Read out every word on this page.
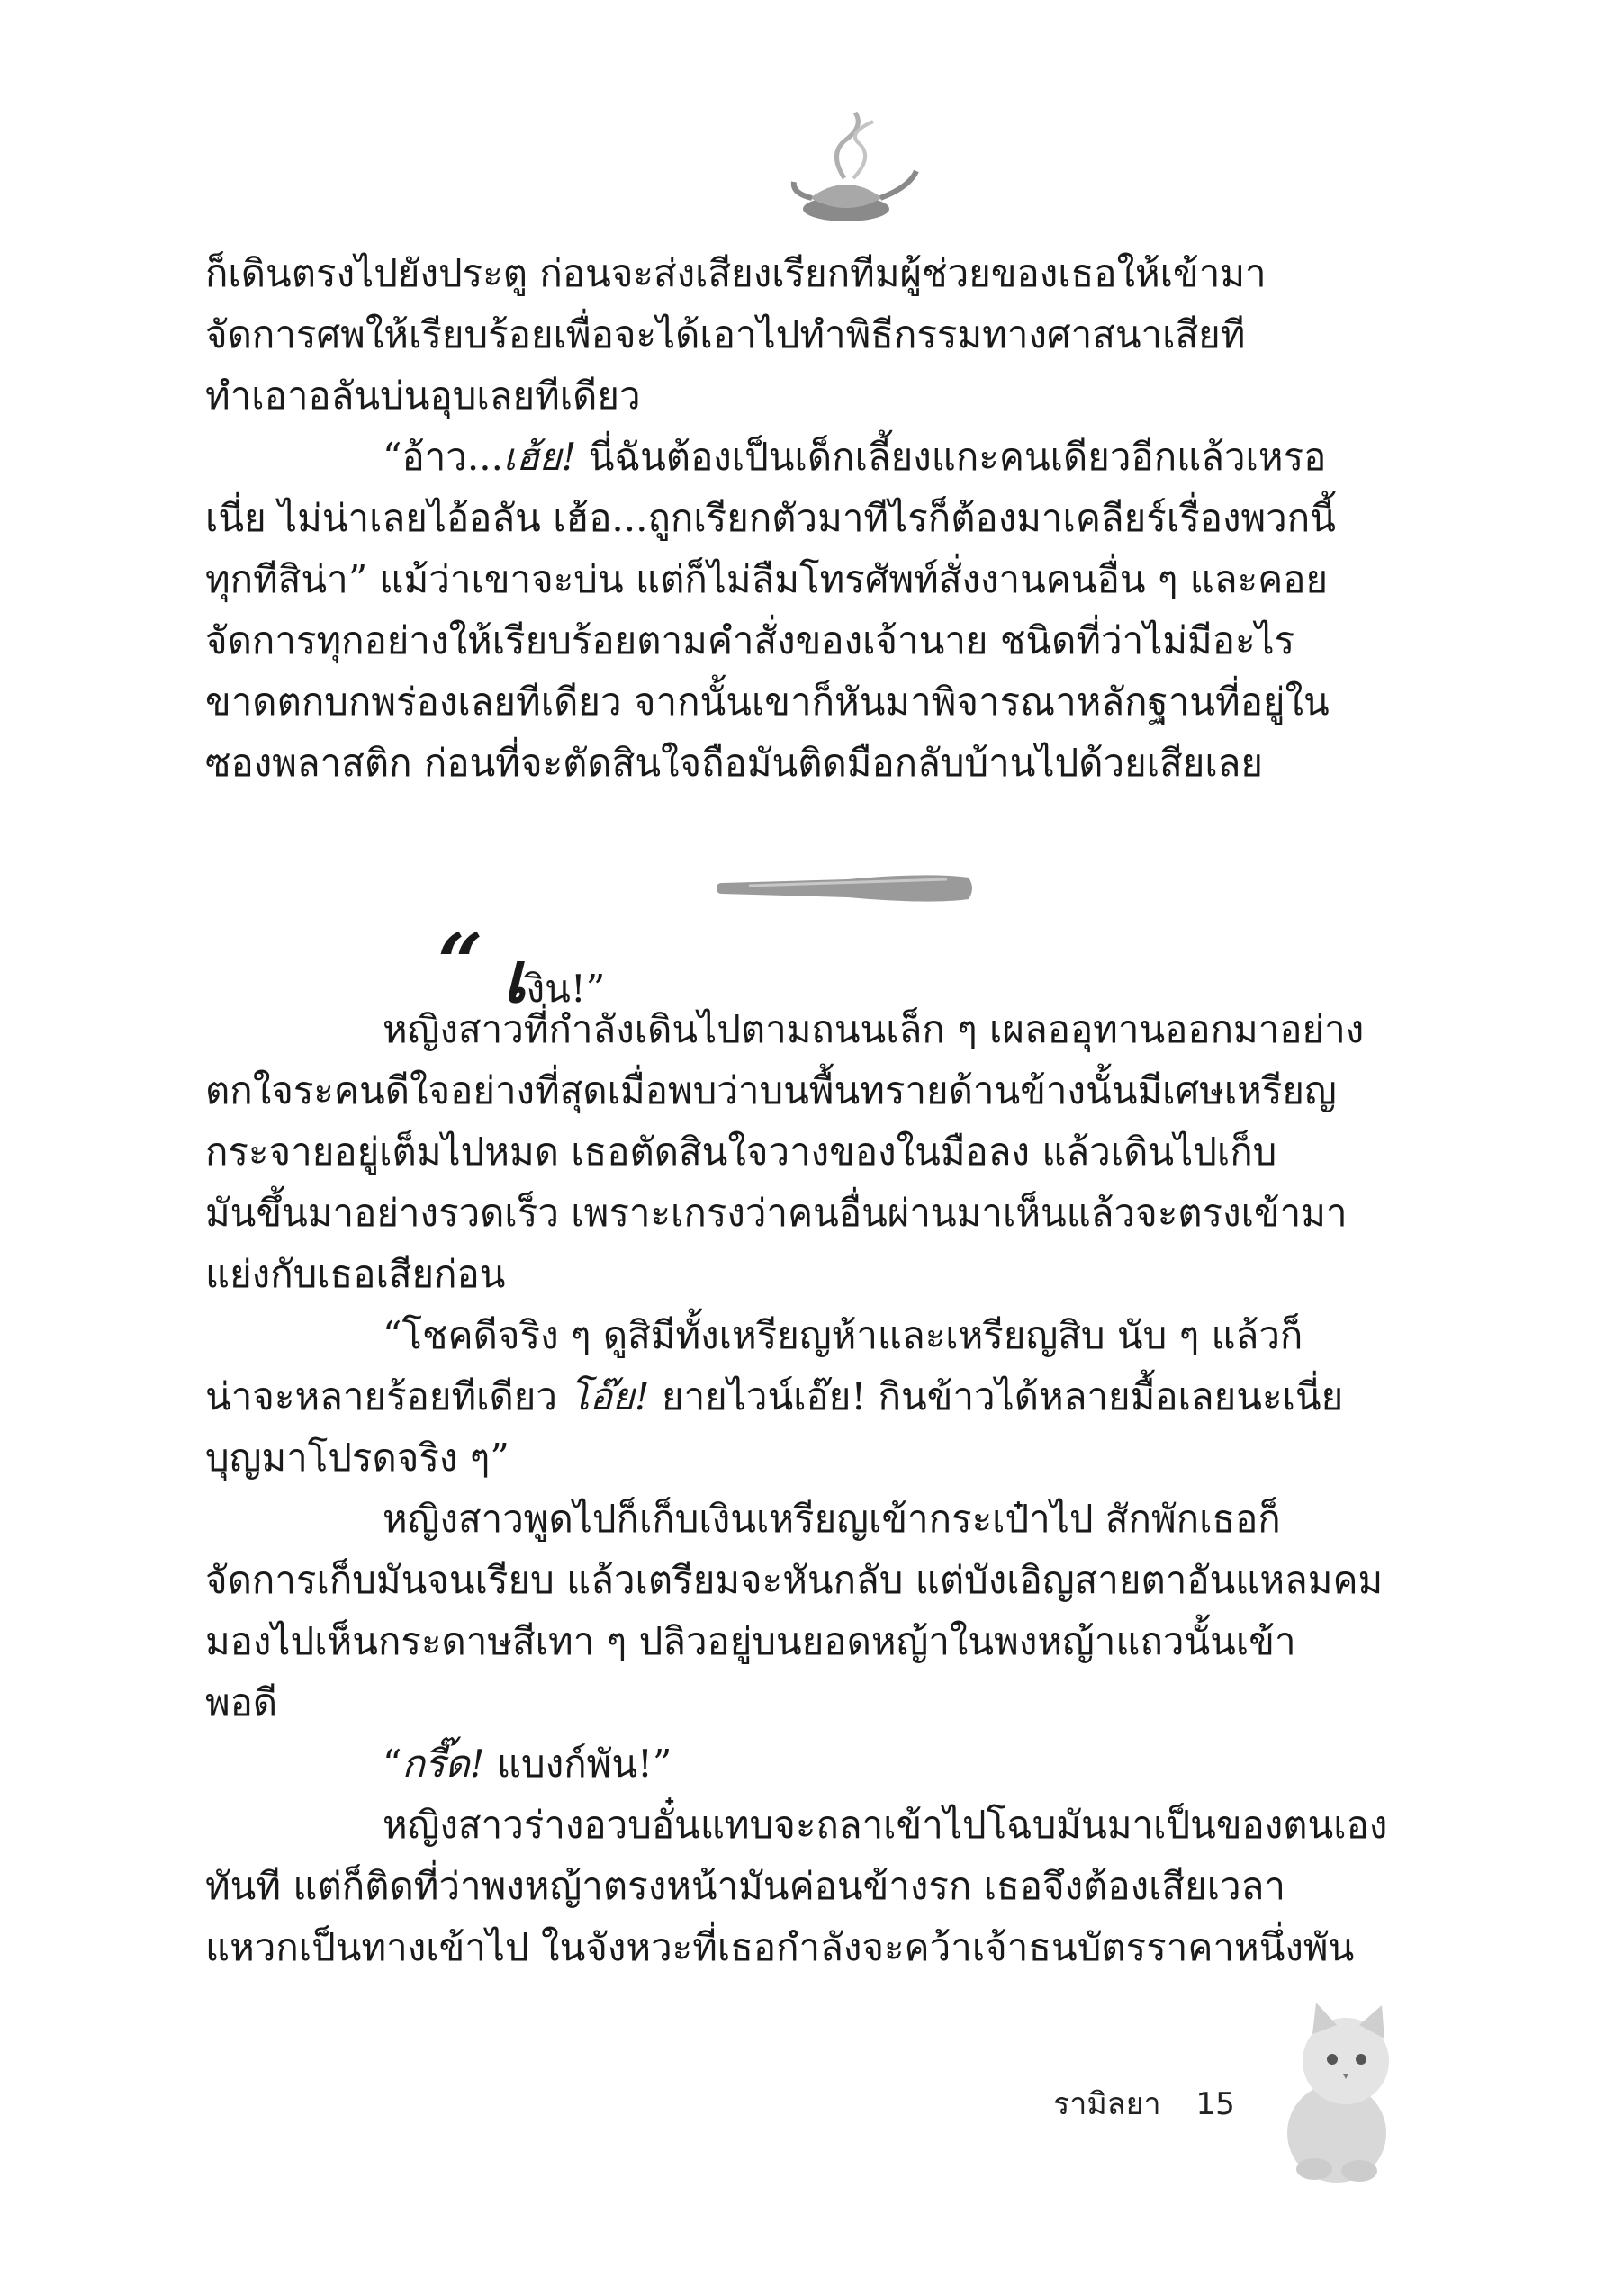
ก็เดินตรงไปยังประตู ก่อนจะส่งเสียงเรียกทีมผู้ช่วยของเธอให้เข้ามา
จัดการศพให้เรียบร้อยเพื่อจะได้เอาไปทำพิธีกรรมทางศาสนาเสียที
ทำเอาอลันบ่นอุบเลยทีเดียว
“อ้าว...เฮ้ย! นี่ฉันต้องเป็นเด็กเลี้ยงแกะคนเดียวอีกแล้วเหรอ
เนี่ย ไม่น่าเลยไอ้อลัน เฮ้อ...ถูกเรียกตัวมาทีไรก็ต้องมาเคลียร์เรื่องพวกนี้
ทุกทีสิน่า” แม้ว่าเขาจะบ่น แต่ก็ไม่ลืมโทรศัพท์สั่งงานคนอื่น ๆ และคอย
จัดการทุกอย่างให้เรียบร้อยตามคำสั่งของเจ้านาย ชนิดที่ว่าไม่มีอะไร
ขาดตกบกพร่องเลยทีเดียว จากนั้นเขาก็หันมาพิจารณาหลักฐานที่อยู่ใน
ซองพลาสติก ก่อนที่จะตัดสินใจถือมันติดมือกลับบ้านไปด้วยเสียเลย
“ เงิน!”
หญิงสาวที่กำลังเดินไปตามถนนเล็ก ๆ เผลออุทานออกมาอย่าง
ตกใจระคนดีใจอย่างที่สุดเมื่อพบว่าบนพื้นทรายด้านข้างนั้นมีเศษเหรียญ
กระจายอยู่เต็มไปหมด เธอตัดสินใจวางของในมือลง แล้วเดินไปเก็บ
มันขึ้นมาอย่างรวดเร็ว เพราะเกรงว่าคนอื่นผ่านมาเห็นแล้วจะตรงเข้ามา
แย่งกับเธอเสียก่อน
“โชคดีจริง ๆ ดูสิมีทั้งเหรียญห้าและเหรียญสิบ นับ ๆ แล้วก็
น่าจะหลายร้อยทีเดียว โอ๊ย! ยายไวน์เอ๊ย! กินข้าวได้หลายมื้อเลยนะเนี่ย
บุญมาโปรดจริง ๆ”
หญิงสาวพูดไปก็เก็บเงินเหรียญเข้ากระเป๋าไป สักพักเธอก็
จัดการเก็บมันจนเรียบ แล้วเตรียมจะหันกลับ แต่บังเอิญสายตาอันแหลมคม
มองไปเห็นกระดาษสีเทา ๆ ปลิวอยู่บนยอดหญ้าในพงหญ้าแถวนั้นเข้า
พอดี
“กรี๊ด! แบงก์พัน!”
หญิงสาวร่างอวบอั๋นแทบจะถลาเข้าไปโฉบมันมาเป็นของตนเอง
ทันที แต่ก็ติดที่ว่าพงหญ้าตรงหน้ามันค่อนข้างรก เธอจึงต้องเสียเวลา
แหวกเป็นทางเข้าไป ในจังหวะที่เธอกำลังจะคว้าเจ้าธนบัตรราคาหนึ่งพัน
รามิลยา 15
